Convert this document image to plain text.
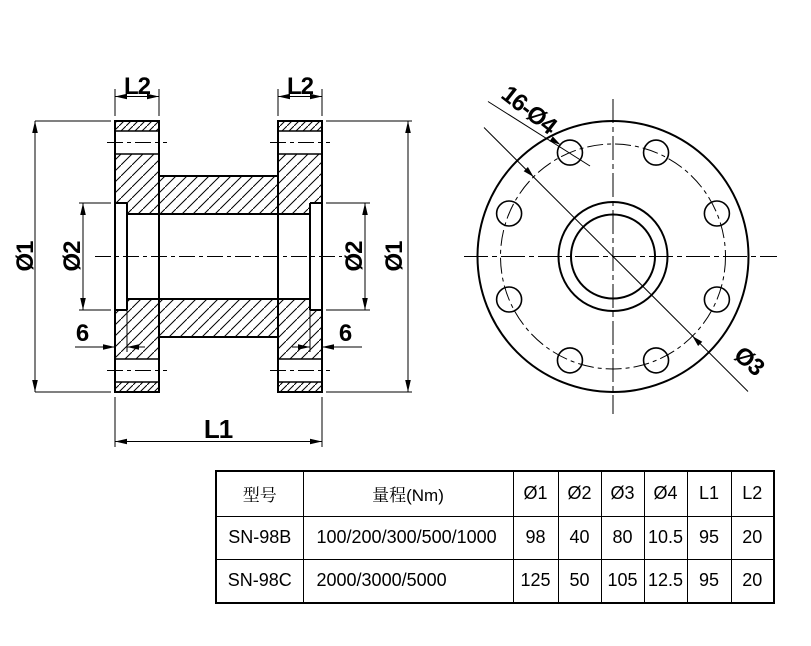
L2	L2
Ø1 Ø2	Ø2 Ø1
6	6
L1
16-Ø4
Ø3
型号	量程(Nm)	Ø1	Ø2	Ø3	Ø4	L1	L2
SN-98B	100/200/300/500/1000	98	40	80	10.5	95	20
SN-98C	2000/3000/5000	125	50	105	12.5	95	20
